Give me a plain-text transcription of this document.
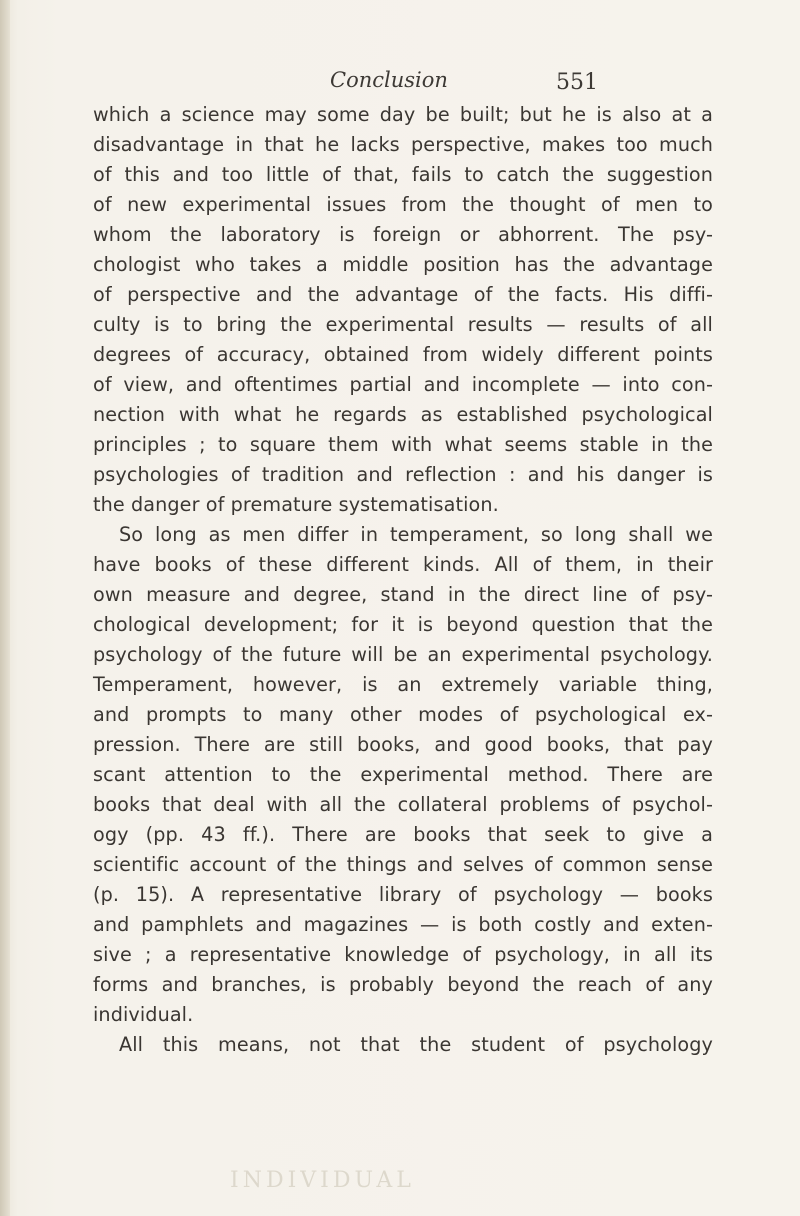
Conclusion	551
which a science may some day be built; but he is also at a
disadvantage in that he lacks perspective, makes too much
of this and too little of that, fails to catch the suggestion
of new experimental issues from the thought of men to
whom the laboratory is foreign or abhorrent. The psy-
chologist who takes a middle position has the advantage
of perspective and the advantage of the facts. His diffi-
culty is to bring the experimental results — results of all
degrees of accuracy, obtained from widely different points
of view, and oftentimes partial and incomplete — into con-
nection with what he regards as established psychological
principles ; to square them with what seems stable in the
psychologies of tradition and reflection : and his danger is
the danger of premature systematisation.
So long as men differ in temperament, so long shall we
have books of these different kinds. All of them, in their
own measure and degree, stand in the direct line of psy-
chological development; for it is beyond question that the
psychology of the future will be an experimental psychology.
Temperament, however, is an extremely variable thing,
and prompts to many other modes of psychological ex-
pression. There are still books, and good books, that pay
scant attention to the experimental method. There are
books that deal with all the collateral problems of psychol-
ogy (pp. 43 ff.). There are books that seek to give a
scientific account of the things and selves of common sense
(p. 15). A representative library of psychology — books
and pamphlets and magazines — is both costly and exten-
sive ; a representative knowledge of psychology, in all its
forms and branches, is probably beyond the reach of any
individual.
All this means, not that the student of psychology
INDIVIDUAL
